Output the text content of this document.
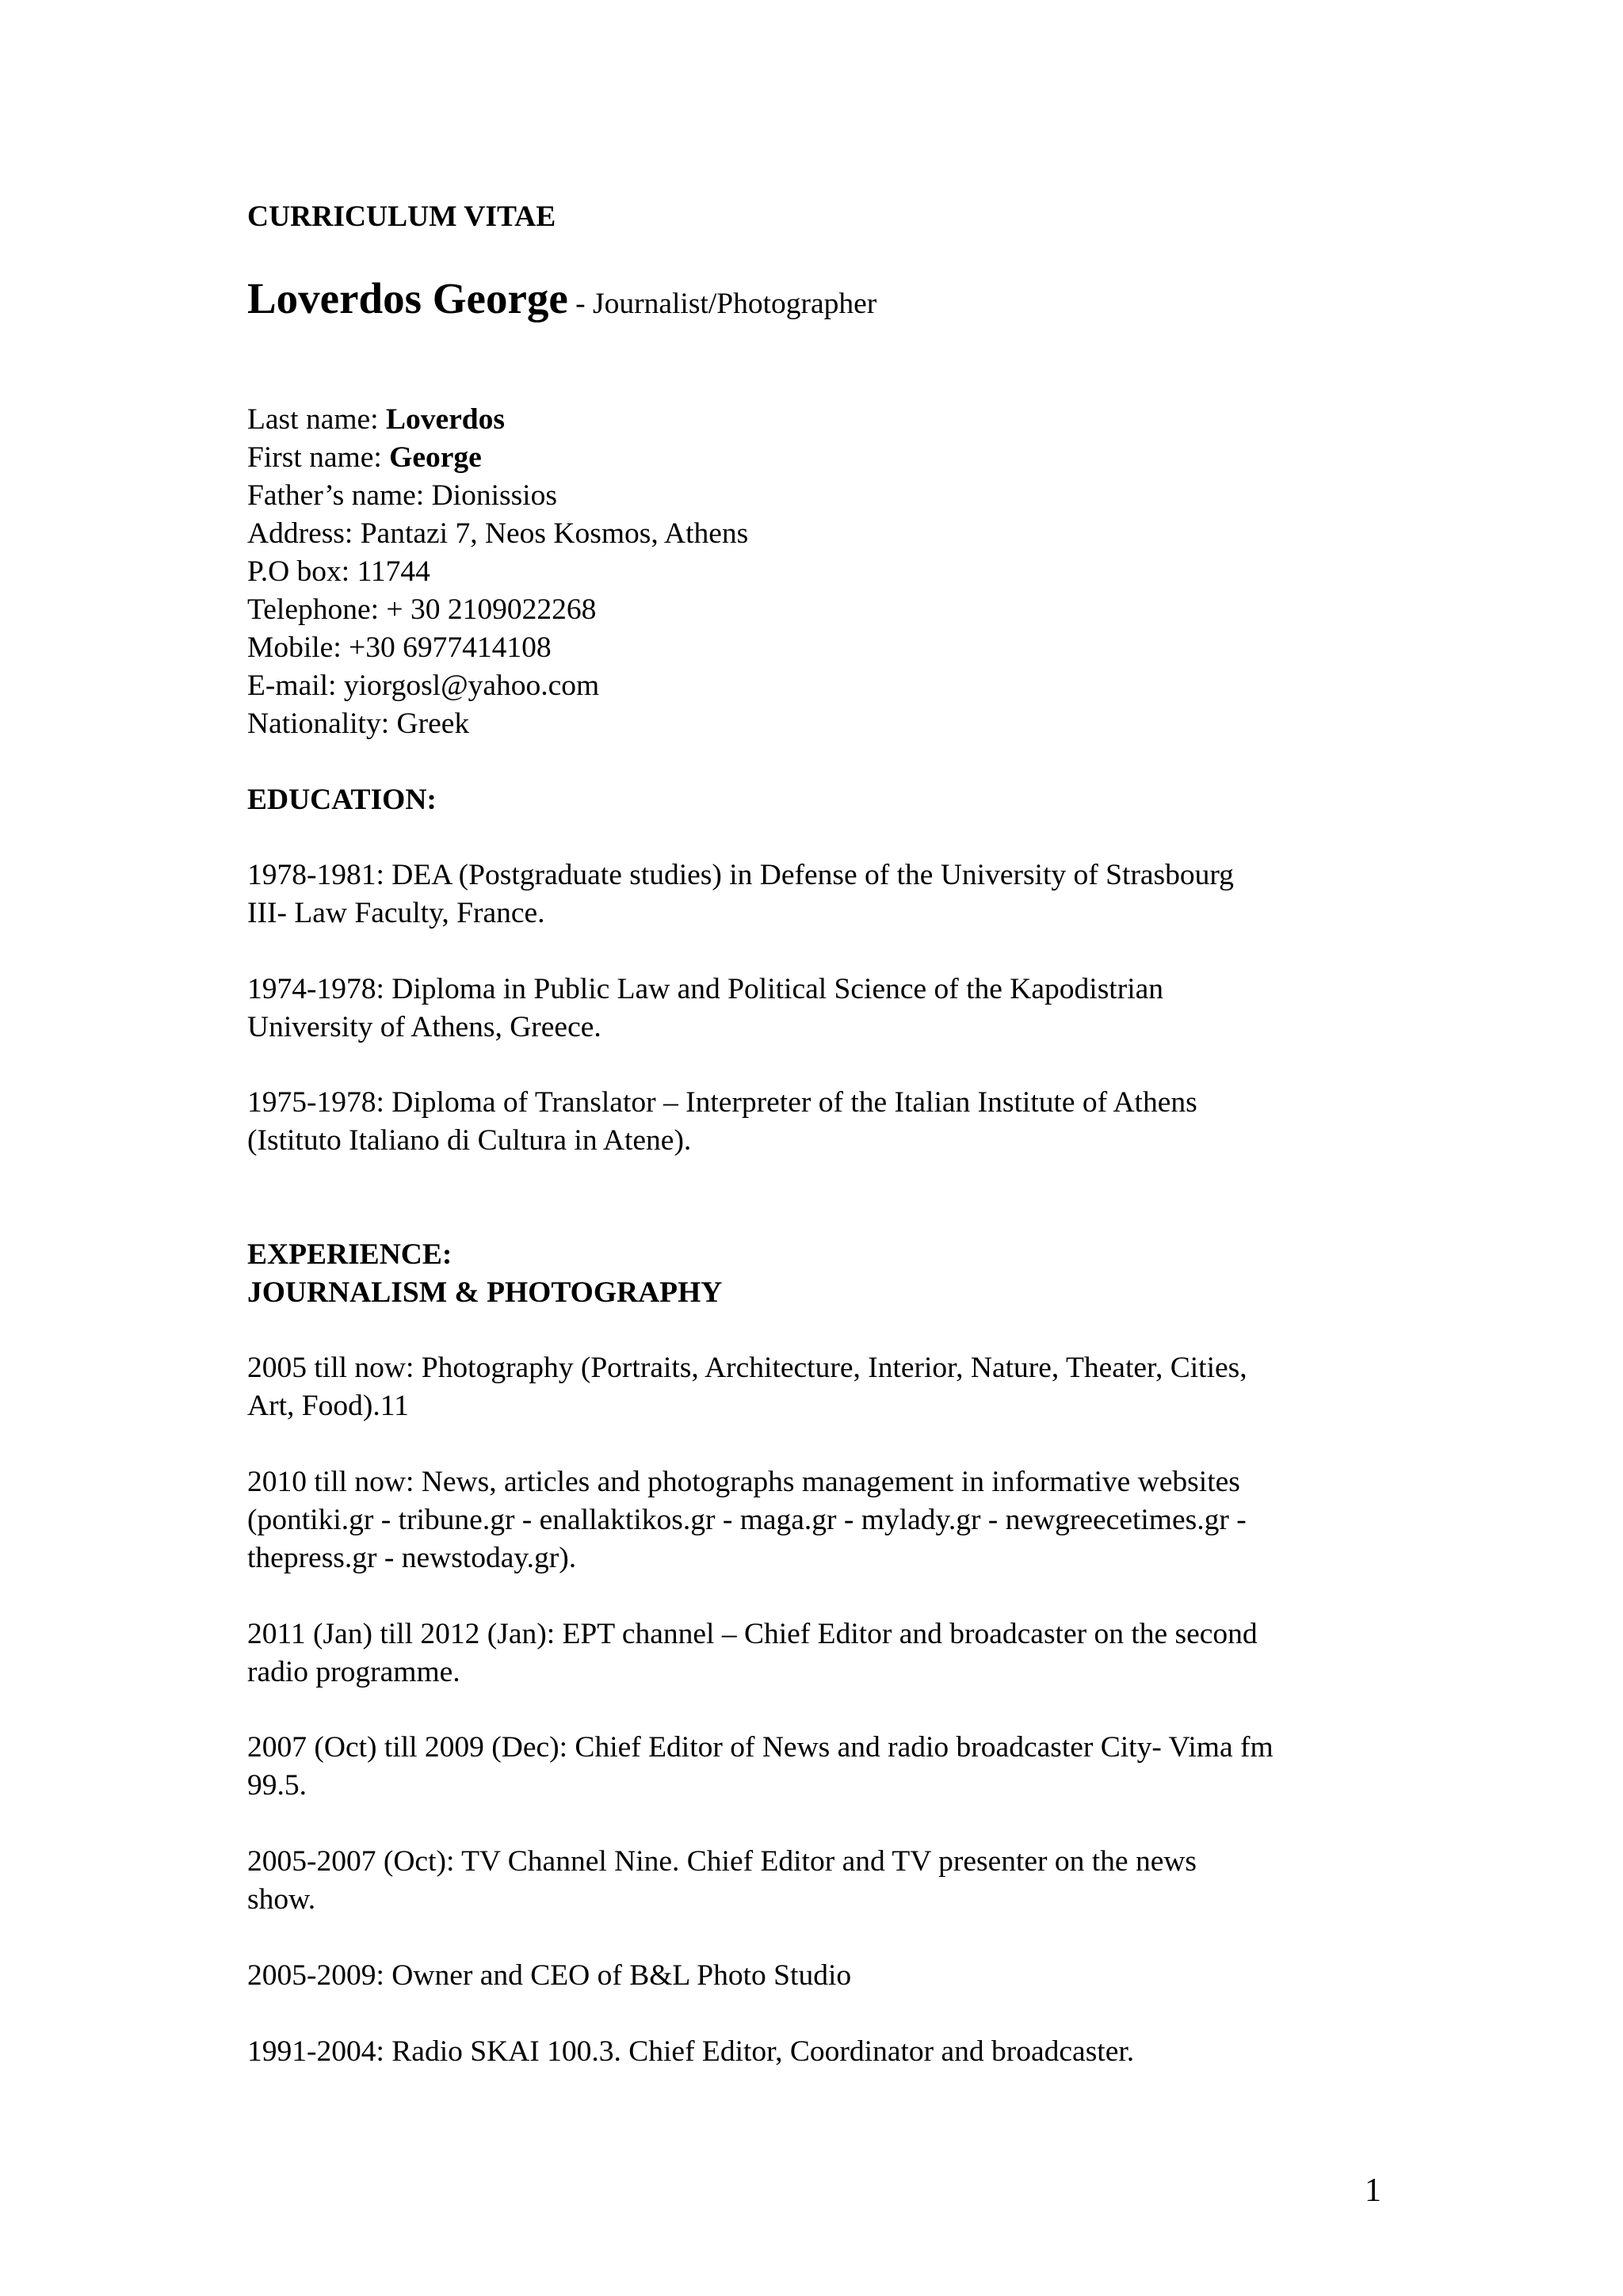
CURRICULUM VITAE
Loverdos George - Journalist/Photographer
Last name: Loverdos
First name: George
Father’s name: Dionissios
Address: Pantazi 7, Neos Kosmos, Athens
P.O box: 11744
Telephone: + 30 2109022268
Mobile: +30 6977414108
E-mail: yiorgosl@yahoo.com
Nationality: Greek
EDUCATION:
1978-1981: DEA (Postgraduate studies) in Defense of the University of Strasbourg
III- Law Faculty, France.
1974-1978: Diploma in Public Law and Political Science of the Kapodistrian
University of Athens, Greece.
1975-1978: Diploma of Translator – Interpreter of the Italian Institute of Athens
(Istituto Italiano di Cultura in Atene).
EXPERIENCE:
JOURNALISM & PHOTOGRAPHY
2005 till now: Photography (Portraits, Architecture, Interior, Nature, Theater, Cities,
Art, Food).11
2010 till now: News, articles and photographs management in informative websites
(pontiki.gr - tribune.gr - enallaktikos.gr - maga.gr - mylady.gr - newgreecetimes.gr -
thepress.gr - newstoday.gr).
2011 (Jan) till 2012 (Jan): EPT channel – Chief Editor and broadcaster on the second
radio programme.
2007 (Oct) till 2009 (Dec): Chief Editor of News and radio broadcaster City- Vima fm
99.5.
2005-2007 (Oct): TV Channel Nine. Chief Editor and TV presenter on the news
show.
2005-2009: Owner and CEO of B&L Photo Studio
1991-2004: Radio SKAI 100.3. Chief Editor, Coordinator and broadcaster.
1
